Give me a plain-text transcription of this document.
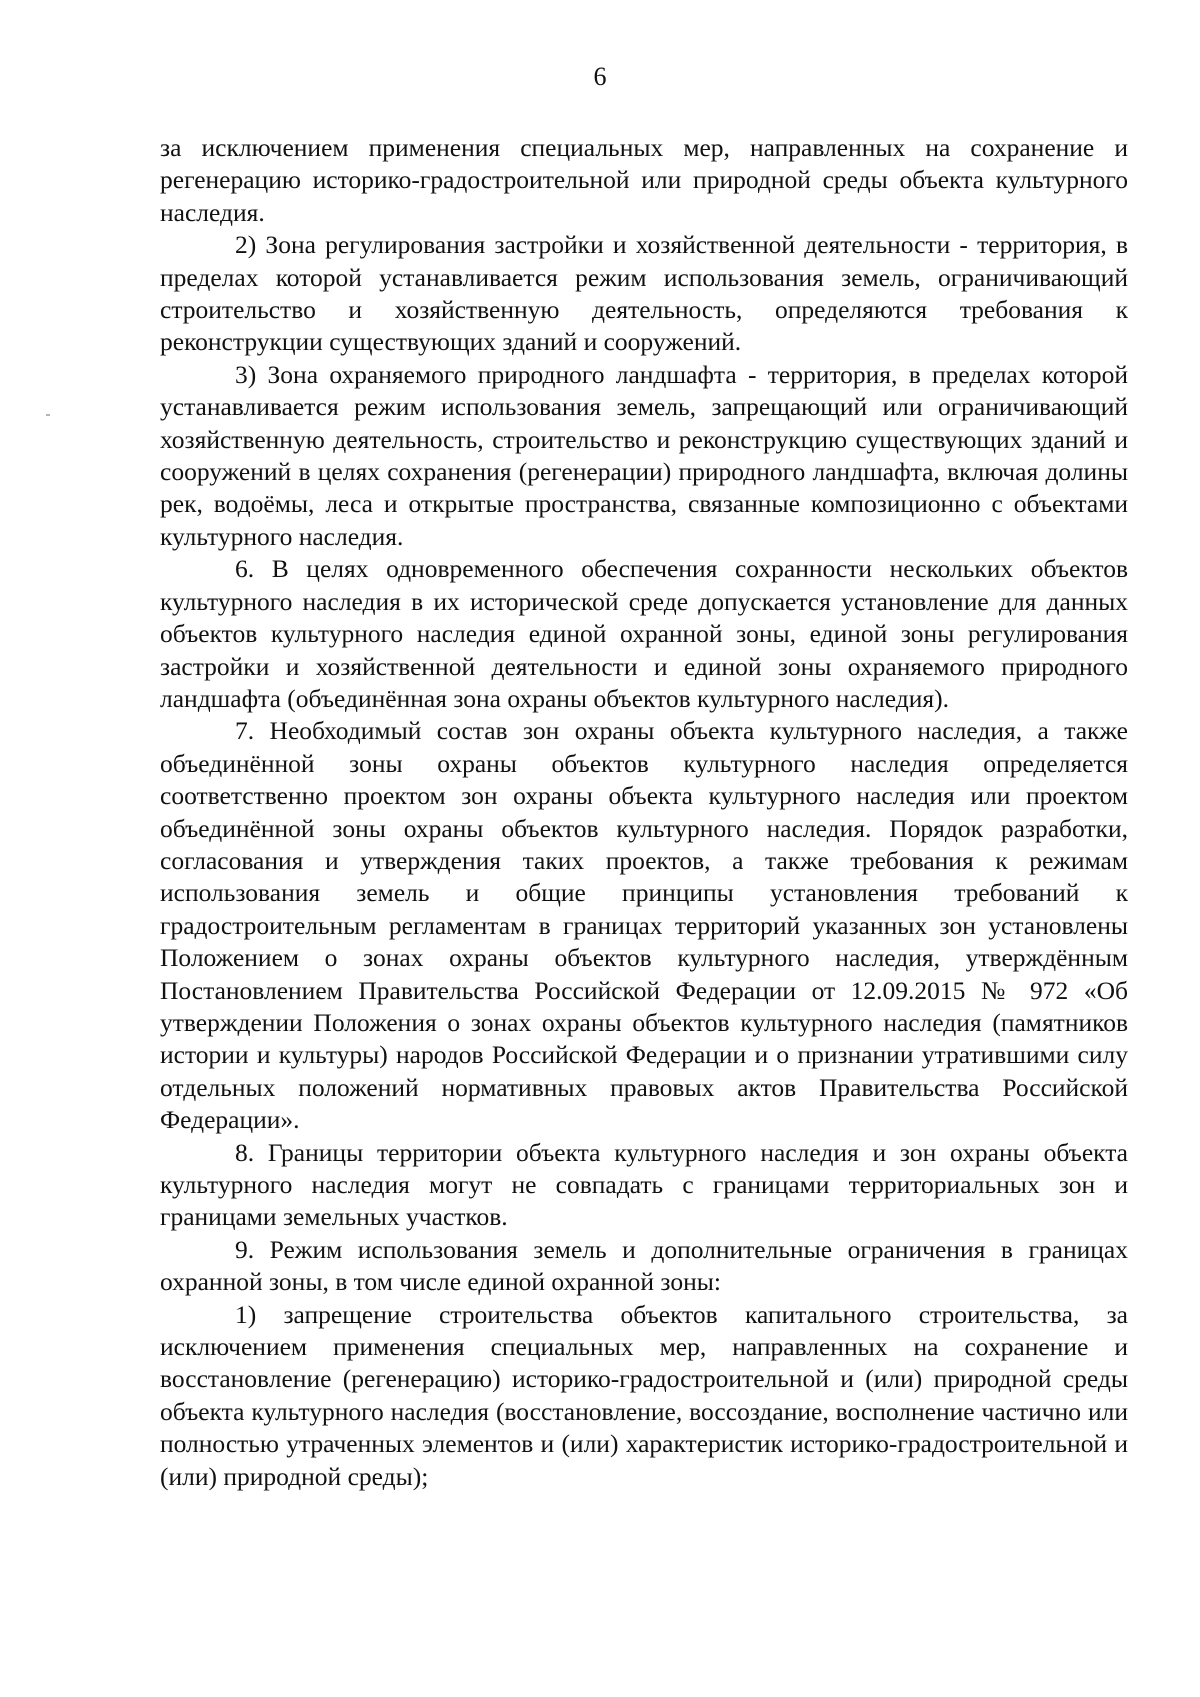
6

за исключением применения специальных мер, направленных на сохранение и регенерацию историко-градостроительной или природной среды объекта культурного наследия.

2) Зона регулирования застройки и хозяйственной деятельности - территория, в пределах которой устанавливается режим использования земель, ограничивающий строительство и хозяйственную деятельность, определяются требования к реконструкции существующих зданий и сооружений.

3) Зона охраняемого природного ландшафта - территория, в пределах которой устанавливается режим использования земель, запрещающий или ограничивающий хозяйственную деятельность, строительство и реконструкцию существующих зданий и сооружений в целях сохранения (регенерации) природного ландшафта, включая долины рек, водоёмы, леса и открытые пространства, связанные композиционно с объектами культурного наследия.

6. В целях одновременного обеспечения сохранности нескольких объектов культурного наследия в их исторической среде допускается установление для данных объектов культурного наследия единой охранной зоны, единой зоны регулирования застройки и хозяйственной деятельности и единой зоны охраняемого природного ландшафта (объединённая зона охраны объектов культурного наследия).

7. Необходимый состав зон охраны объекта культурного наследия, а также объединённой зоны охраны объектов культурного наследия определяется соответственно проектом зон охраны объекта культурного наследия или проектом объединённой зоны охраны объектов культурного наследия. Порядок разработки, согласования и утверждения таких проектов, а также требования к режимам использования земель и общие принципы установления требований к градостроительным регламентам в границах территорий указанных зон установлены Положением о зонах охраны объектов культурного наследия, утверждённым Постановлением Правительства Российской Федерации от 12.09.2015 № 972 «Об утверждении Положения о зонах охраны объектов культурного наследия (памятников истории и культуры) народов Российской Федерации и о признании утратившими силу отдельных положений нормативных правовых актов Правительства Российской Федерации».

8. Границы территории объекта культурного наследия и зон охраны объекта культурного наследия могут не совпадать с границами территориальных зон и границами земельных участков.

9. Режим использования земель и дополнительные ограничения в границах охранной зоны, в том числе единой охранной зоны:

1) запрещение строительства объектов капитального строительства, за исключением применения специальных мер, направленных на сохранение и восстановление (регенерацию) историко-градостроительной и (или) природной среды объекта культурного наследия (восстановление, воссоздание, восполнение частично или полностью утраченных элементов и (или) характеристик историко-градостроительной и (или) природной среды);
